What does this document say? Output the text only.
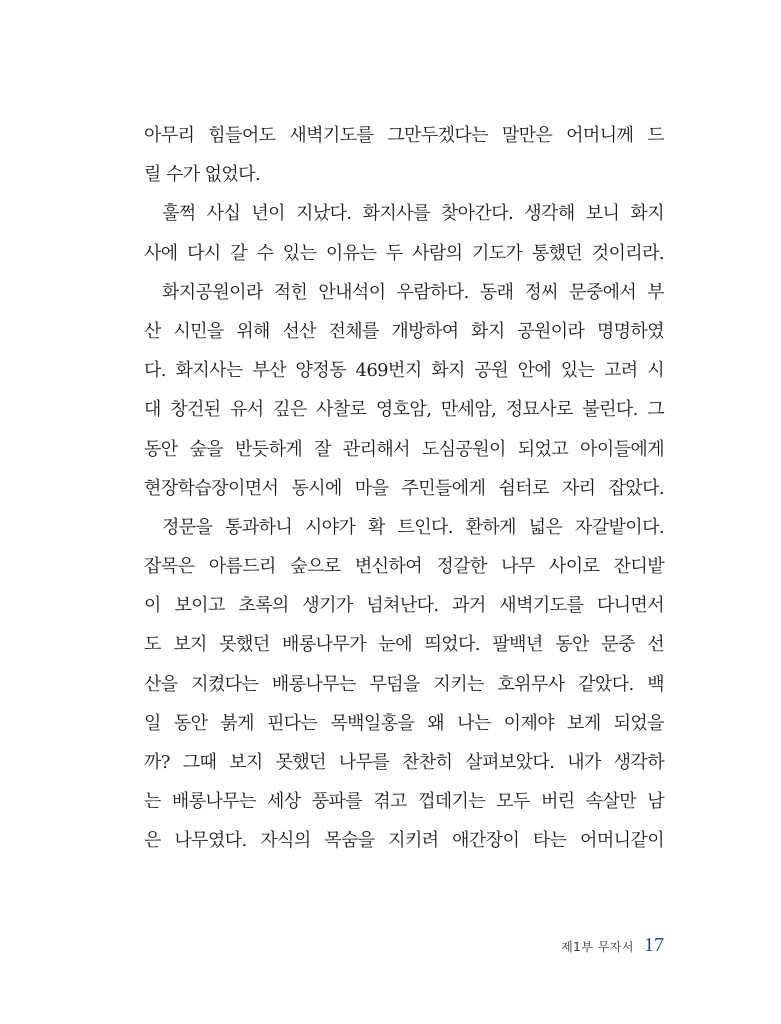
아무리 힘들어도 새벽기도를 그만두겠다는 말만은 어머니께 드
릴 수가 없었다.
훌쩍 사십 년이 지났다. 화지사를 찾아간다. 생각해 보니 화지
사에 다시 갈 수 있는 이유는 두 사람의 기도가 통했던 것이리라.
화지공원이라 적힌 안내석이 우람하다. 동래 정씨 문중에서 부
산 시민을 위해 선산 전체를 개방하여 화지 공원이라 명명하였
다. 화지사는 부산 양정동 469번지 화지 공원 안에 있는 고려 시
대 창건된 유서 깊은 사찰로 영호암, 만세암, 정묘사로 불린다. 그
동안 숲을 반듯하게 잘 관리해서 도심공원이 되었고 아이들에게
현장학습장이면서 동시에 마을 주민들에게 쉼터로 자리 잡았다.
정문을 통과하니 시야가 확 트인다. 환하게 넓은 자갈밭이다.
잡목은 아름드리 숲으로 변신하여 정갈한 나무 사이로 잔디밭
이 보이고 초록의 생기가 넘쳐난다. 과거 새벽기도를 다니면서
도 보지 못했던 배롱나무가 눈에 띄었다. 팔백년 동안 문중 선
산을 지켰다는 배롱나무는 무덤을 지키는 호위무사 같았다. 백
일 동안 붉게 핀다는 목백일홍을 왜 나는 이제야 보게 되었을
까? 그때 보지 못했던 나무를 찬찬히 살펴보았다. 내가 생각하
는 배롱나무는 세상 풍파를 겪고 껍데기는 모두 버린 속살만 남
은 나무였다. 자식의 목숨을 지키려 애간장이 타는 어머니같이
제1부 무자서 17
